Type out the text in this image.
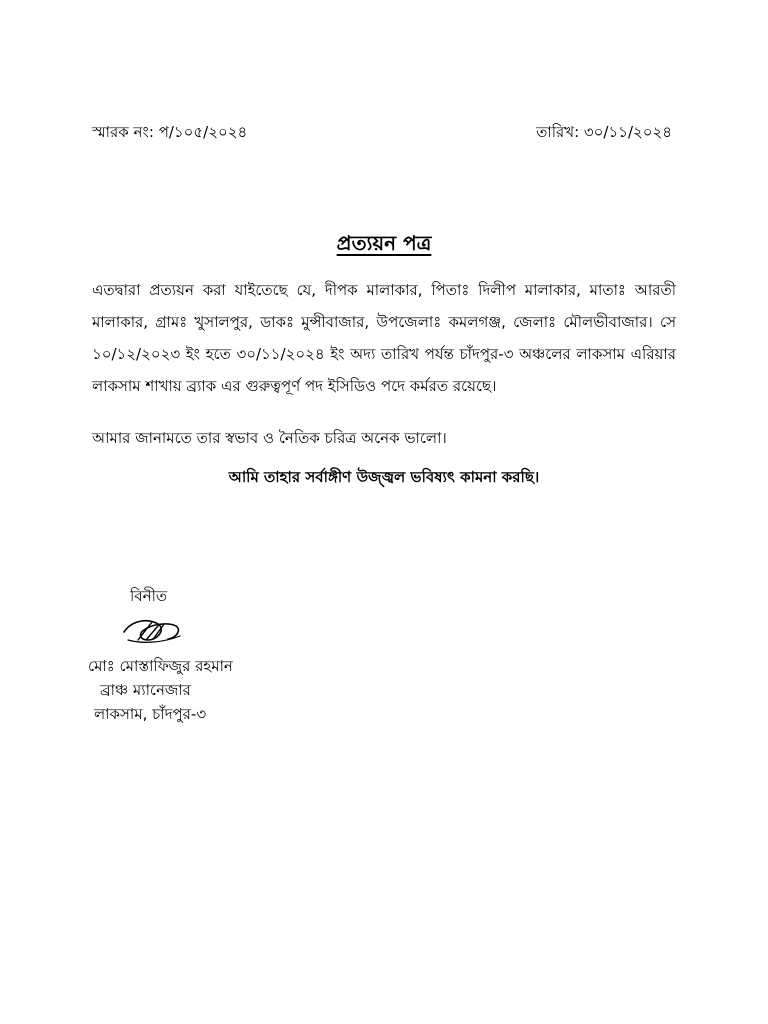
স্মারক নং: প/১০৫/২০২৪	তারিখ: ৩০/১১/২০২৪
প্রত্যয়ন পত্র

এতদ্বারা প্রত্যয়ন করা যাইতেছে যে, দীপক মালাকার, পিতাঃ দিলীপ মালাকার, মাতাঃ আরতী মালাকার, গ্রামঃ খুসালপুর, ডাকঃ মুন্সীবাজার, উপজেলাঃ কমলগঞ্জ, জেলাঃ মৌলভীবাজার। সে ১০/১২/২০২৩ ইং হতে ৩০/১১/২০২৪ ইং অদ্য তারিখ পর্যন্ত চাঁদপুর-৩ অঞ্চলের লাকসাম এরিয়ার লাকসাম শাখায় ব্র্যাক এর গুরুত্বপূর্ণ পদ ইসিডিও পদে কর্মরত রয়েছে।

আমার জানামতে তার স্বভাব ও নৈতিক চরিত্র অনেক ভালো।
আমি তাহার সর্বাঙ্গীণ উজ্জ্বল ভবিষ্যৎ কামনা করছি।
বিনীত
মোঃ মোস্তাফিজুর রহমান
ব্রাঞ্চ ম্যানেজার
লাকসাম, চাঁদপুর-৩
